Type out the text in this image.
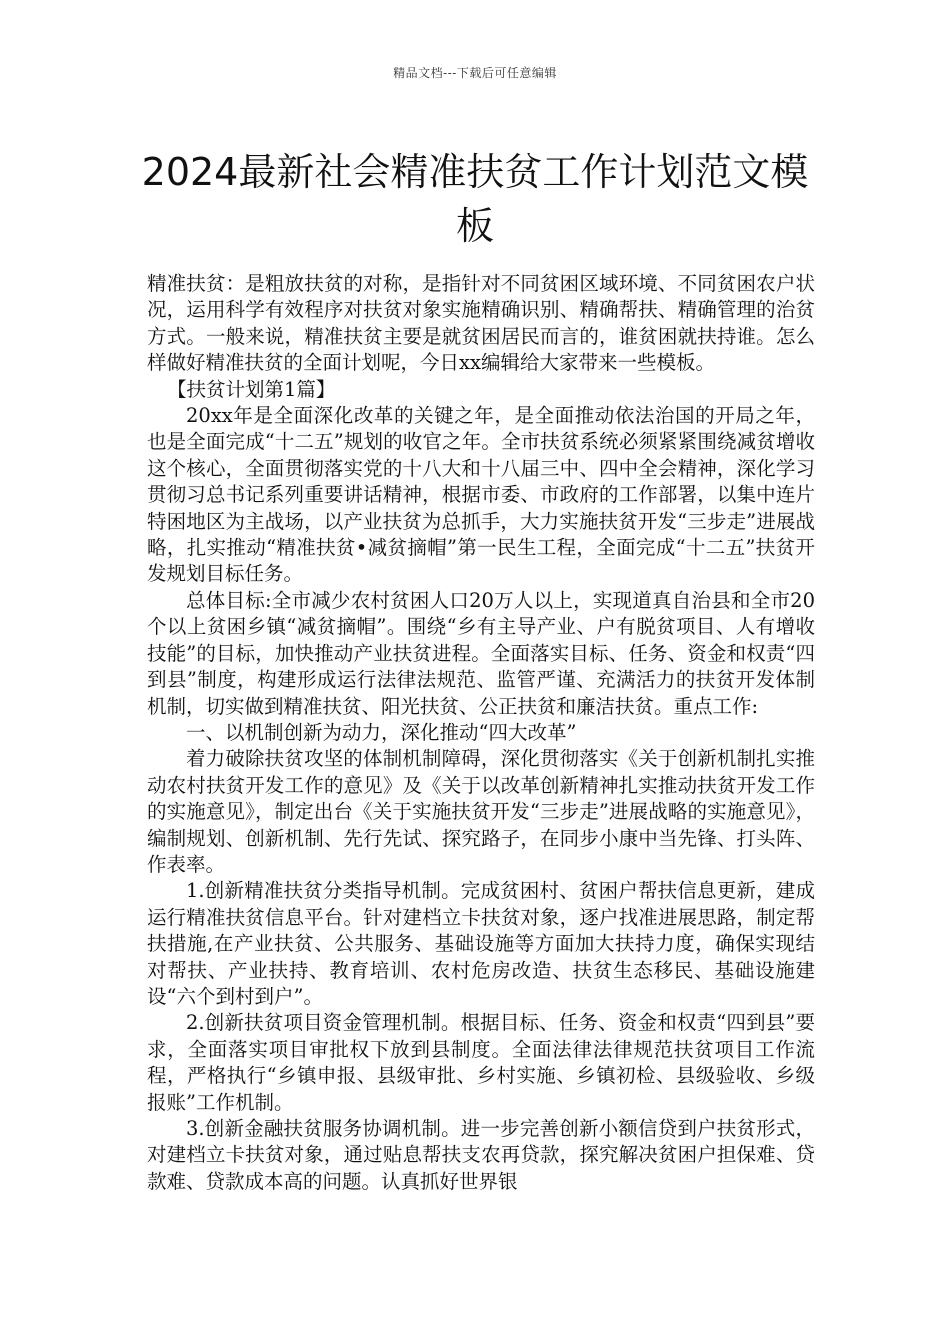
精品文档---下载后可任意编辑
2024最新社会精准扶贫工作计划范文模板

精准扶贫：是粗放扶贫的对称，是指针对不同贫困区域环境、不同贫困农户状况，运用科学有效程序对扶贫对象实施精确识别、精确帮扶、精确管理的治贫方式。一般来说，精准扶贫主要是就贫困居民而言的，谁贫困就扶持谁。怎么样做好精准扶贫的全面计划呢，今日xx编辑给大家带来一些模板。

【扶贫计划第1篇】

20xx年是全面深化改革的关键之年，是全面推动依法治国的开局之年，也是全面完成“十二五”规划的收官之年。全市扶贫系统必须紧紧围绕减贫增收这个核心，全面贯彻落实党的十八大和十八届三中、四中全会精神，深化学习贯彻习总书记系列重要讲话精神，根据市委、市政府的工作部署，以集中连片特困地区为主战场，以产业扶贫为总抓手，大力实施扶贫开发“三步走”进展战略，扎实推动“精准扶贫•减贫摘帽”第一民生工程，全面完成“十二五”扶贫开发规划目标任务。

总体目标:全市减少农村贫困人口20万人以上，实现道真自治县和全市20个以上贫困乡镇“减贫摘帽”。围绕“乡有主导产业、户有脱贫项目、人有增收技能”的目标，加快推动产业扶贫进程。全面落实目标、任务、资金和权责“四到县”制度，构建形成运行法律法规范、监管严谨、充满活力的扶贫开发体制机制，切实做到精准扶贫、阳光扶贫、公正扶贫和廉洁扶贫。重点工作:

一、以机制创新为动力，深化推动“四大改革”

着力破除扶贫攻坚的体制机制障碍，深化贯彻落实《关于创新机制扎实推动农村扶贫开发工作的意见》及《关于以改革创新精神扎实推动扶贫开发工作的实施意见》，制定出台《关于实施扶贫开发“三步走”进展战略的实施意见》，编制规划、创新机制、先行先试、探究路子，在同步小康中当先锋、打头阵、作表率。

1.创新精准扶贫分类指导机制。完成贫困村、贫困户帮扶信息更新，建成运行精准扶贫信息平台。针对建档立卡扶贫对象，逐户找准进展思路，制定帮扶措施,在产业扶贫、公共服务、基础设施等方面加大扶持力度，确保实现结对帮扶、产业扶持、教育培训、农村危房改造、扶贫生态移民、基础设施建设“六个到村到户”。

2.创新扶贫项目资金管理机制。根据目标、任务、资金和权责“四到县”要求，全面落实项目审批权下放到县制度。全面法律法律规范扶贫项目工作流程，严格执行“乡镇申报、县级审批、乡村实施、乡镇初检、县级验收、乡级报账”工作机制。

3.创新金融扶贫服务协调机制。进一步完善创新小额信贷到户扶贫形式，对建档立卡扶贫对象，通过贴息帮扶支农再贷款，探究解决贫困户担保难、贷款难、贷款成本高的问题。认真抓好世界银
